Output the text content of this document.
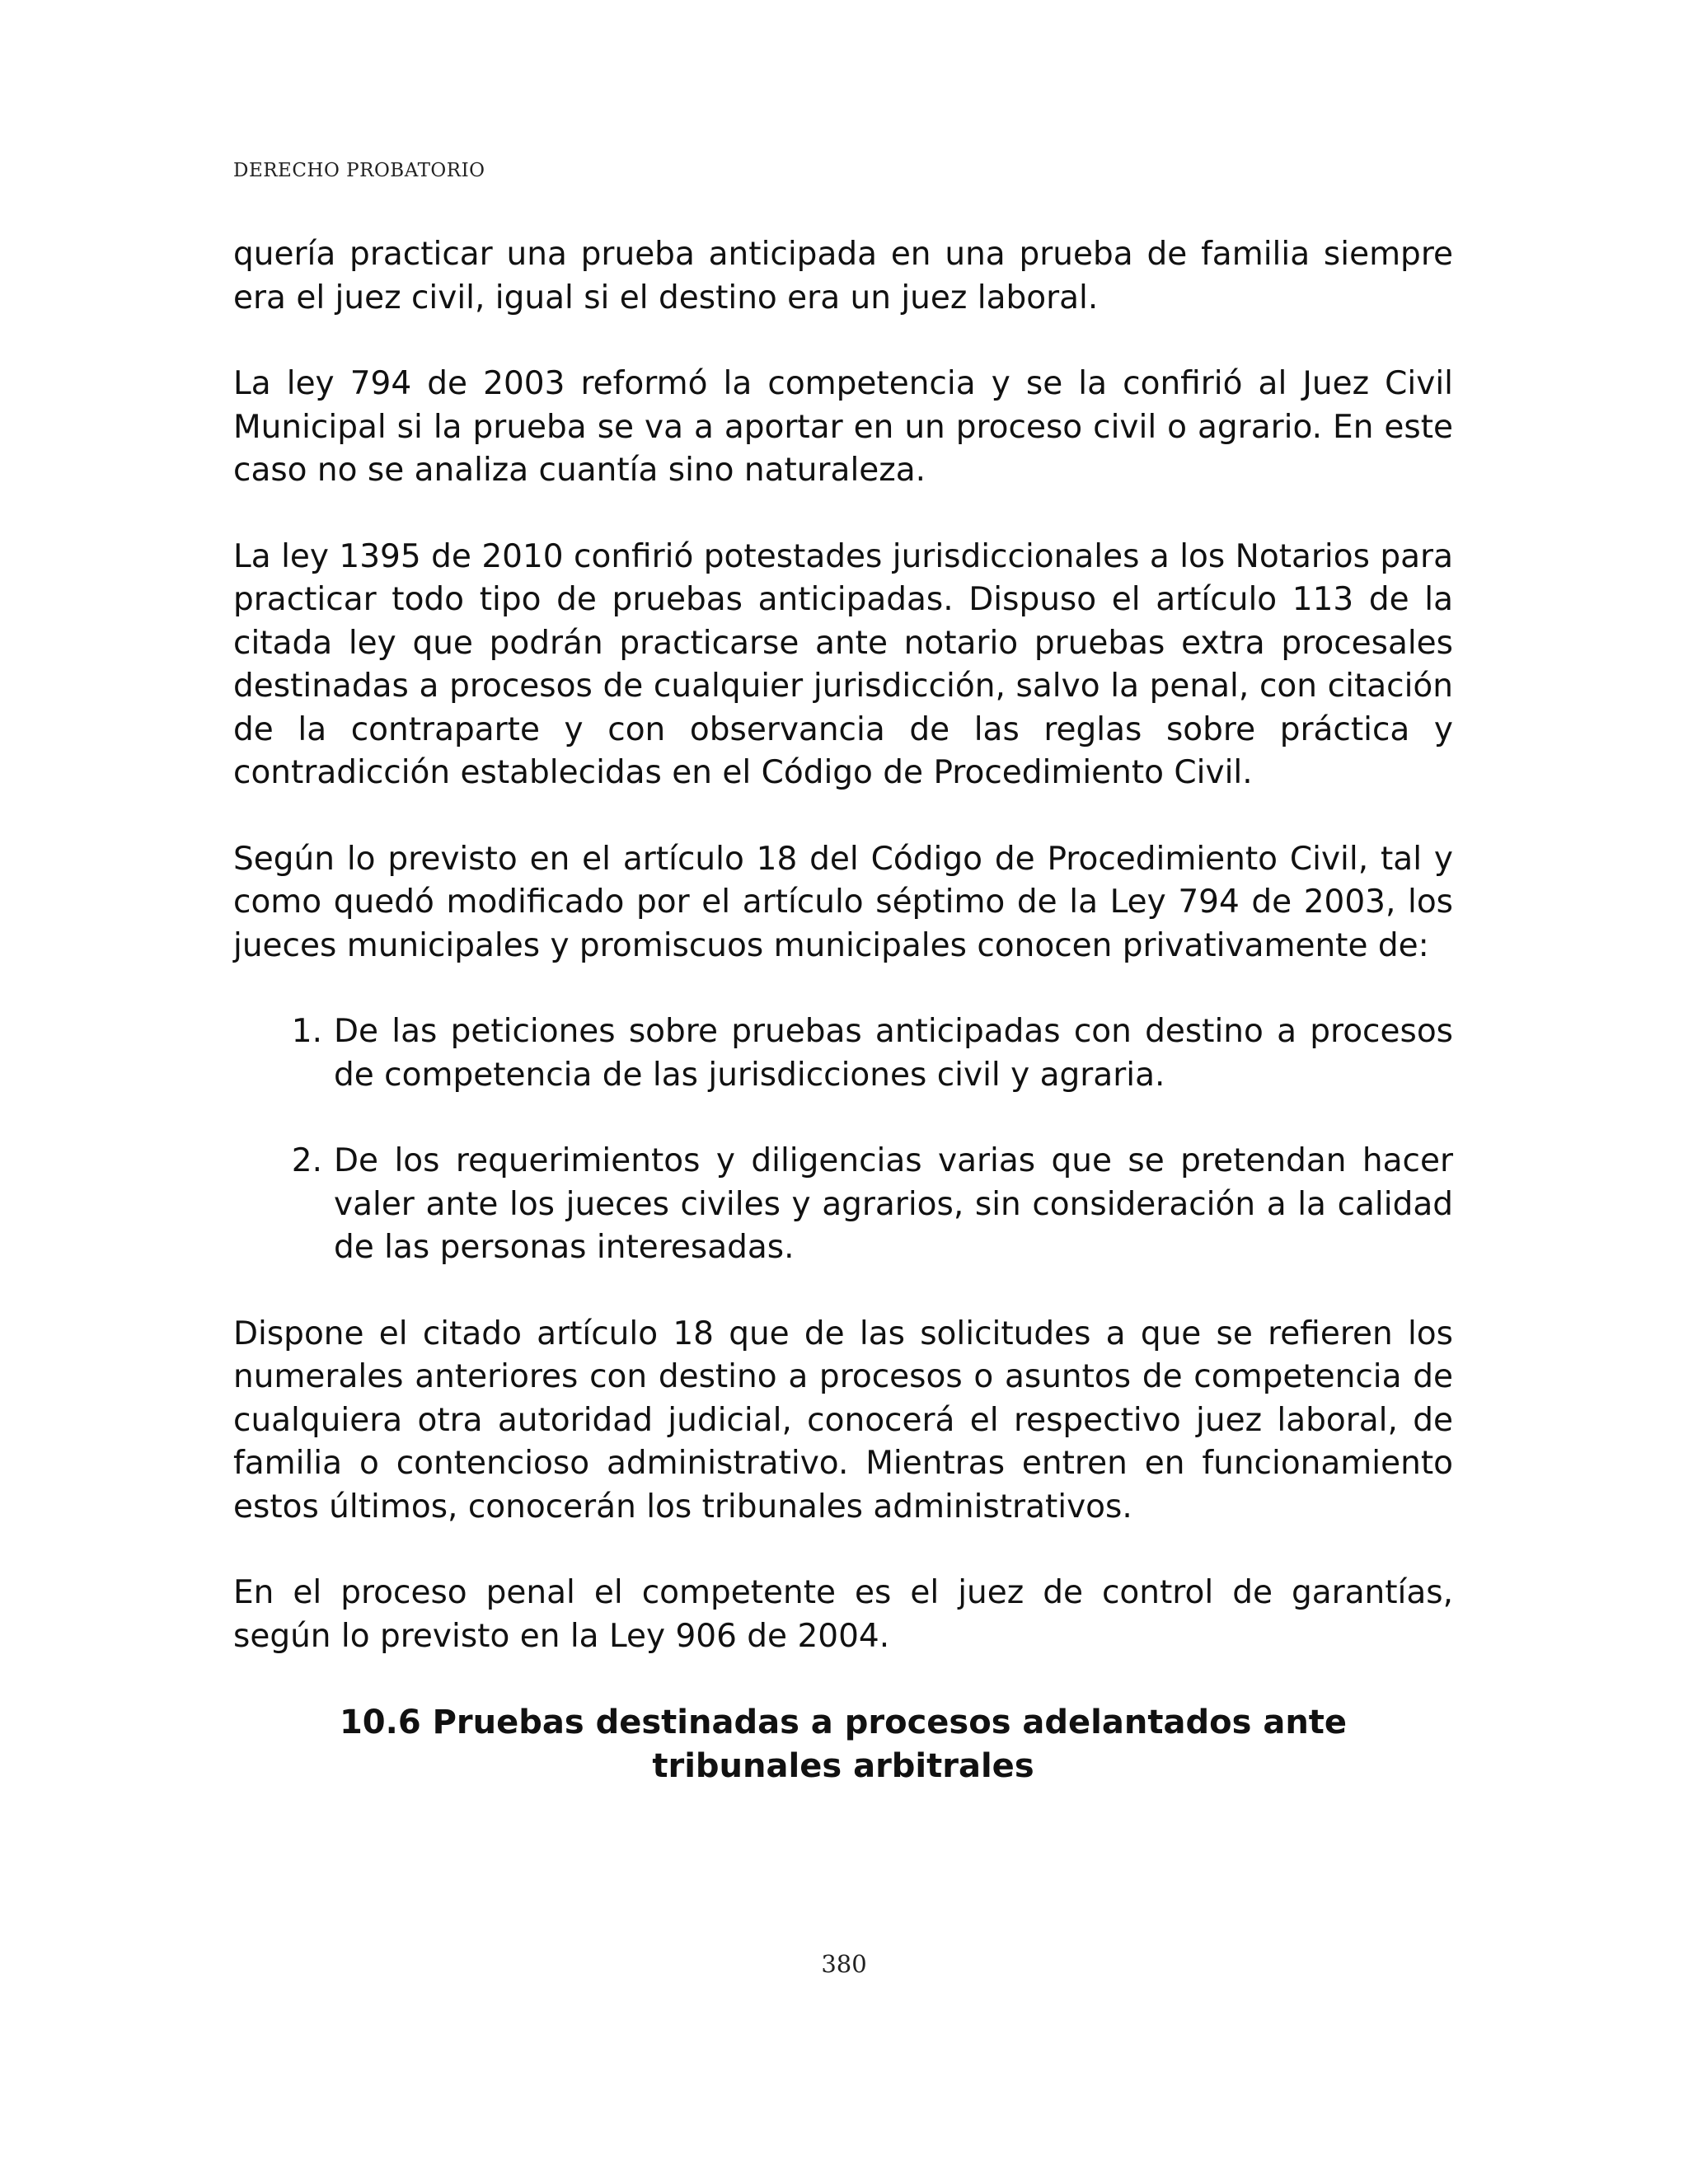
DERECHO PROBATORIO

quería practicar una prueba anticipada en una prueba de familia siempre era el juez civil, igual si el destino era un juez laboral.

La ley 794 de 2003 reformó la competencia y se la confirió al Juez Civil Municipal si la prueba se va a aportar en un proceso civil o agrario. En este caso no se analiza cuantía sino naturaleza.

La ley 1395 de 2010 confirió potestades jurisdiccionales a los Notarios para practicar todo tipo de pruebas anticipadas. Dispuso el artículo 113 de la citada ley que podrán practicarse ante notario pruebas extra procesales destinadas a procesos de cualquier jurisdicción, salvo la penal, con citación de la contraparte y con observancia de las reglas sobre práctica y contradicción establecidas en el Código de Procedimiento Civil.

Según lo previsto en el artículo 18 del Código de Procedimiento Civil, tal y como quedó modificado por el artículo séptimo de la Ley 794 de 2003, los jueces municipales y promiscuos municipales conocen privativamente de:

1. De las peticiones sobre pruebas anticipadas con destino a procesos de competencia de las jurisdicciones civil y agraria.
2. De los requerimientos y diligencias varias que se pretendan hacer valer ante los jueces civiles y agrarios, sin consideración a la calidad de las personas interesadas.

Dispone el citado artículo 18 que de las solicitudes a que se refieren los numerales anteriores con destino a procesos o asuntos de competencia de cualquiera otra autoridad judicial, conocerá el respectivo juez laboral, de familia o contencioso administrativo. Mientras entren en funcionamiento estos últimos, conocerán los tribunales administrativos.

En el proceso penal el competente es el juez de control de garantías, según lo previsto en la Ley 906 de 2004.

10.6 Pruebas destinadas a procesos adelantados ante tribunales arbitrales
380
